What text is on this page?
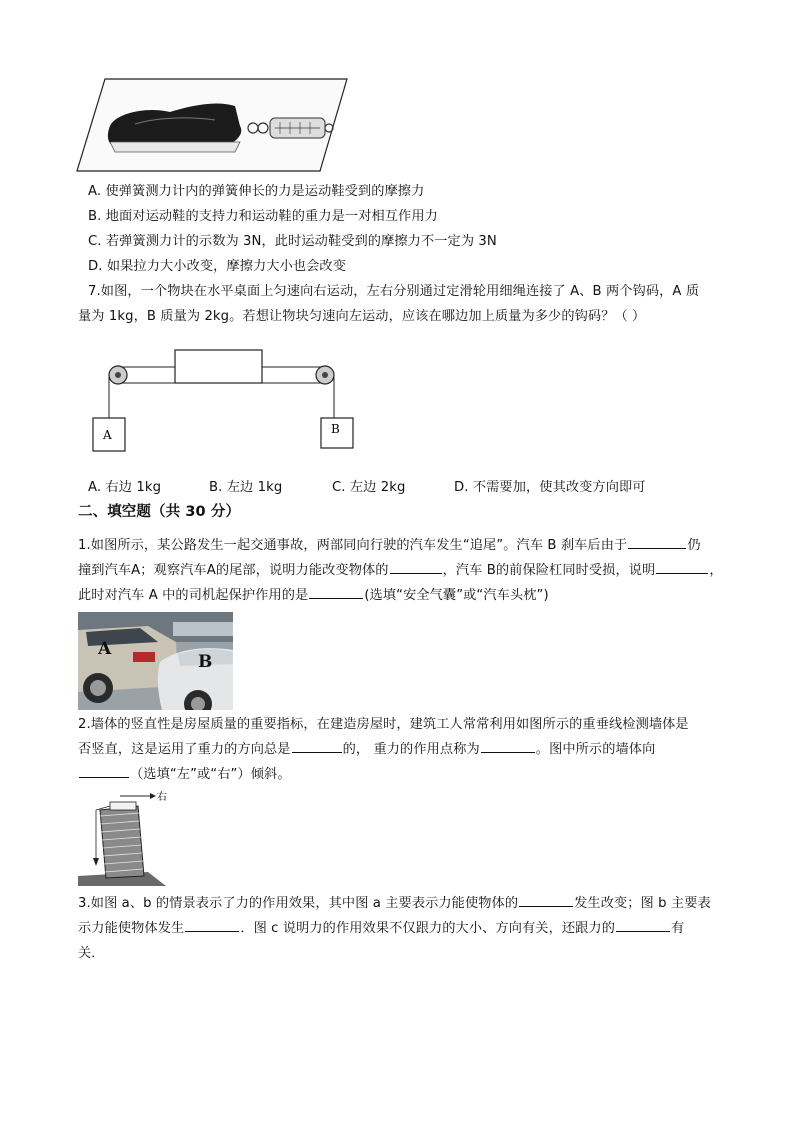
A. 使弹簧测力计内的弹簧伸长的力是运动鞋受到的摩擦力
B. 地面对运动鞋的支持力和运动鞋的重力是一对相互作用力
C. 若弹簧测力计的示数为 3N，此时运动鞋受到的摩擦力不一定为 3N
D. 如果拉力大小改变，摩擦力大小也会改变
7.如图，一个物块在水平桌面上匀速向右运动，左右分别通过定滑轮用细绳连接了 A、B 两个钩码，A 质
量为 1kg，B 质量为 2kg。若想让物块匀速向左运动，应该在哪边加上质量为多少的钩码？（ ）
A	B
A. 右边 1kg	B. 左边 1kg	C. 左边 2kg	D. 不需要加，使其改变方向即可
二、填空题（共 30 分）
1.如图所示，某公路发生一起交通事故，两部同向行驶的汽车发生“追尾”。汽车 B 刹车后由于	仍
撞到汽车A；观察汽车A的尾部，说明力能改变物体的	，汽车 B的前保险杠同时受损，说明	，
此时对汽车 A 中的司机起保护作用的是	(选填“安全气囊”或“汽车头枕”)
A
B
2.墙体的竖直性是房屋质量的重要指标，在建造房屋时，建筑工人常常利用如图所示的重垂线检测墙体是
否竖直，这是运用了重力的方向总是	的， 重力的作用点称为	。图中所示的墙体向
（选填“左”或“右”）倾斜。
右
3.如图 a、b 的情景表示了力的作用效果，其中图 a 主要表示力能使物体的	发生改变；图 b 主要表
示力能使物体发生	．图 c 说明力的作用效果不仅跟力的大小、方向有关，还跟力的	有
关．
